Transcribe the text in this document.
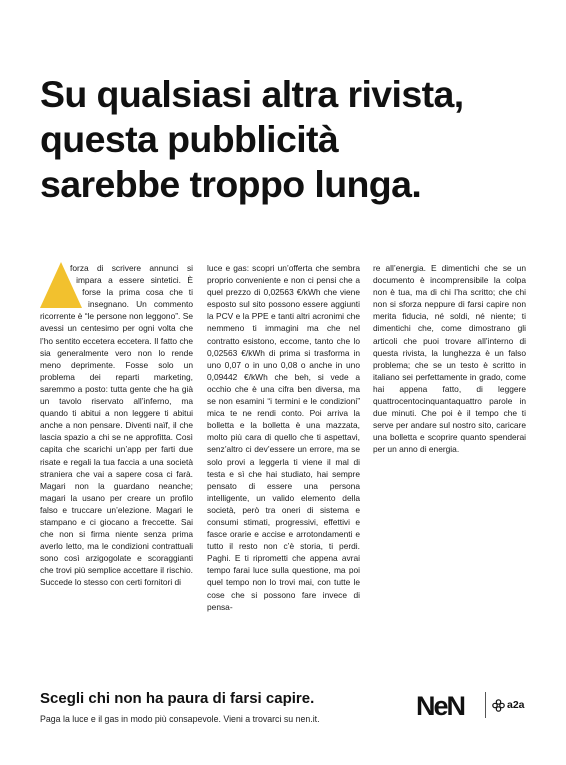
Su qualsiasi altra rivista,
questa pubblicità
sarebbe troppo lunga.

forza di scrivere annunci si impara a essere sintetici. È forse la prima cosa che ti insegnano. Un commento ricorrente è “le persone non leggono”. Se avessi un centesimo per ogni volta che l’ho sentito eccetera eccetera. Il fatto che sia generalmente vero non lo rende meno deprimente. Fosse solo un problema dei reparti marketing, saremmo a posto: tutta gente che ha già un tavolo riservato all’inferno, ma quando ti abitui a non leggere ti abitui anche a non pensare. Diventi naïf, il che lascia spazio a chi se ne approfitta. Così capita che scarichi un’app per farti due risate e regali la tua faccia a una società straniera che vai a sapere cosa ci farà. Magari non la guardano neanche; magari la usano per creare un profilo falso e truccare un’elezione. Magari le stampano e ci giocano a freccette. Sai che non si firma niente senza prima averlo letto, ma le condizioni contrattuali sono così arzigogolate e scoraggianti che trovi più semplice accettare il rischio. Succede lo stesso con certi fornitori di

luce e gas: scopri un’offerta che sembra proprio conveniente e non ci pensi che a quel prezzo di 0,02563 €/kWh che viene esposto sul sito possono essere aggiunti la PCV e la PPE e tanti altri acronimi che nemmeno ti immagini ma che nel contratto esistono, eccome, tanto che lo 0,02563 €/kWh di prima si trasforma in uno 0,07 o in uno 0,08 o anche in uno 0,09442 €/kWh che beh, si vede a occhio che è una cifra ben diversa, ma se non esamini “i termini e le condizioni” mica te ne rendi conto. Poi arriva la bolletta e la bolletta è una mazzata, molto più cara di quello che ti aspettavi, senz’altro ci dev’essere un errore, ma se solo provi a leggerla ti viene il mal di testa e sì che hai studiato, hai sempre pensato di essere una persona intelligente, un valido elemento della società, però tra oneri di sistema e consumi stimati, progressivi, effettivi e fasce orarie e accise e arrotondamenti e tutto il resto non c’è storia, ti perdi. Paghi. E ti riprometti che appena avrai tempo farai luce sulla questione, ma poi quel tempo non lo trovi mai, con tutte le cose che si possono fare invece di pensa-

re all’energia. E dimentichi che se un documento è incomprensibile la colpa non è tua, ma di chi l’ha scritto; che chi non si sforza neppure di farsi capire non merita fiducia, né soldi, né niente; ti dimentichi che, come dimostrano gli articoli che puoi trovare all’interno di questa rivista, la lunghezza è un falso problema; che se un testo è scritto in italiano sei perfettamente in grado, come hai appena fatto, di leggere quattrocentocinquantaquattro parole in due minuti. Che poi è il tempo che ti serve per andare sul nostro sito, caricare una bolletta e scoprire quanto spenderai per un anno di energia.

Scegli chi non ha paura di farsi capire.

Paga la luce e il gas in modo più consapevole. Vieni a trovarci su nen.it.	NeN	a2a
